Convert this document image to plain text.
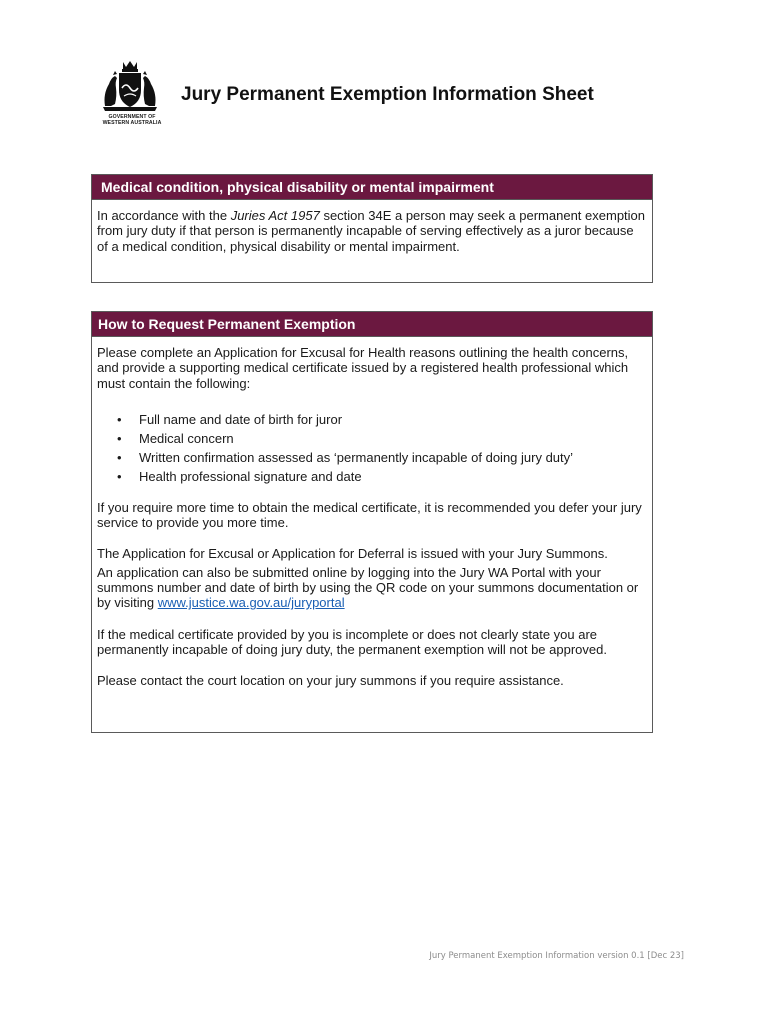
GOVERNMENT OF
WESTERN AUSTRALIA
Jury Permanent Exemption Information Sheet
Medical condition, physical disability or mental impairment

In accordance with the Juries Act 1957 section 34E a person may seek a permanent exemption from jury duty if that person is permanently incapable of serving effectively as a juror because of a medical condition, physical disability or mental impairment.

How to Request Permanent Exemption

Please complete an Application for Excusal for Health reasons outlining the health concerns, and provide a supporting medical certificate issued by a registered health professional which must contain the following:

• Full name and date of birth for juror
• Medical concern
• Written confirmation assessed as ‘permanently incapable of doing jury duty’
• Health professional signature and date

If you require more time to obtain the medical certificate, it is recommended you defer your jury service to provide you more time.

The Application for Excusal or Application for Deferral is issued with your Jury Summons.

An application can also be submitted online by logging into the Jury WA Portal with your summons number and date of birth by using the QR code on your summons documentation or by visiting www.justice.wa.gov.au/juryportal

If the medical certificate provided by you is incomplete or does not clearly state you are permanently incapable of doing jury duty, the permanent exemption will not be approved.

Please contact the court location on your jury summons if you require assistance.

Jury Permanent Exemption Information version 0.1 [Dec 23]
